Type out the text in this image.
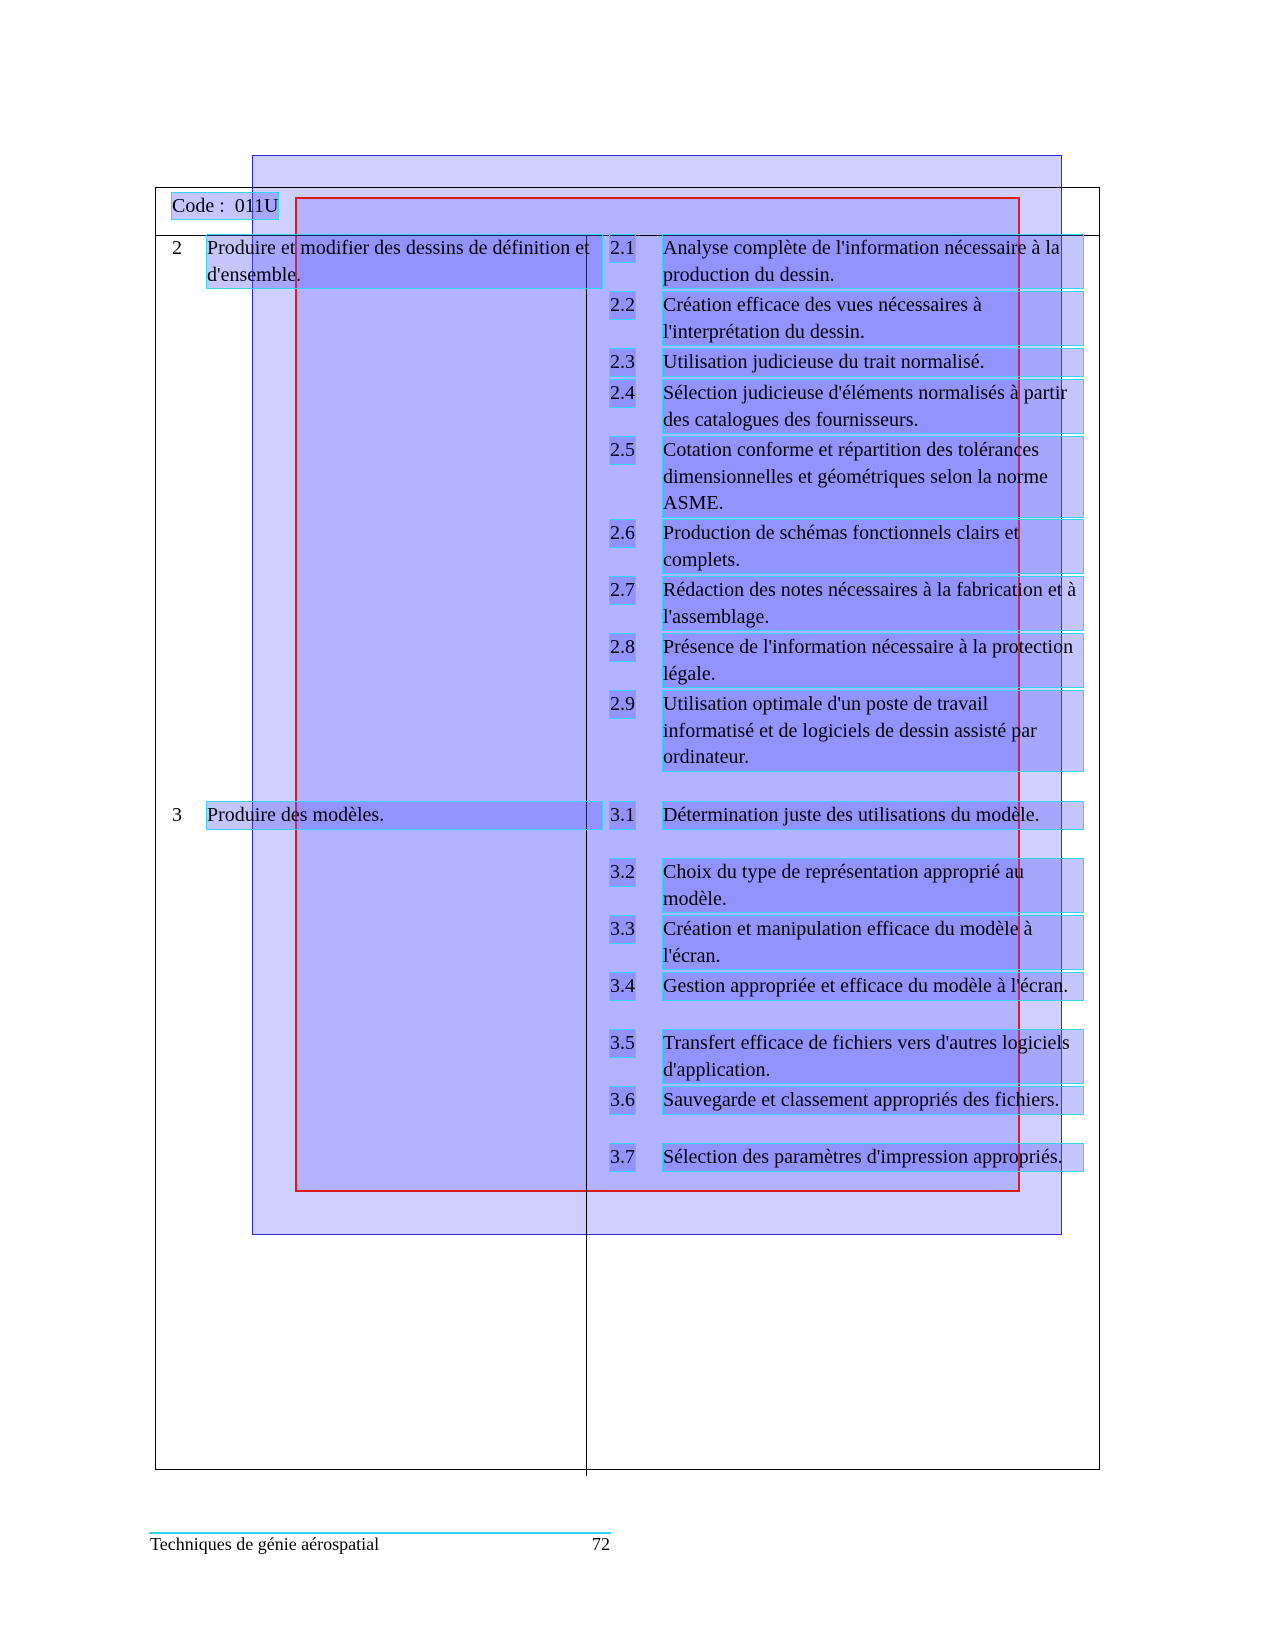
Code : 011U
2 Produire et modifier des dessins de définition et d'ensemble.
2.1 Analyse complète de l'information nécessaire à la production du dessin.
2.2 Création efficace des vues nécessaires à l'interprétation du dessin.
2.3 Utilisation judicieuse du trait normalisé.
2.4 Sélection judicieuse d'éléments normalisés à partir des catalogues des fournisseurs.
2.5 Cotation conforme et répartition des tolérances dimensionnelles et géométriques selon la norme ASME.
2.6 Production de schémas fonctionnels clairs et complets.
2.7 Rédaction des notes nécessaires à la fabrication et à l'assemblage.
2.8 Présence de l'information nécessaire à la protection légale.
2.9 Utilisation optimale d'un poste de travail informatisé et de logiciels de dessin assisté par ordinateur.
3 Produire des modèles.	3.1 Détermination juste des utilisations du modèle.
3.2 Choix du type de représentation approprié au modèle.
3.3 Création et manipulation efficace du modèle à l'écran.
3.4 Gestion appropriée et efficace du modèle à l'écran.
3.5 Transfert efficace de fichiers vers d'autres logiciels d'application.
3.6 Sauvegarde et classement appropriés des fichiers.
3.7 Sélection des paramètres d'impression appropriés.
Techniques de génie aérospatial	72
